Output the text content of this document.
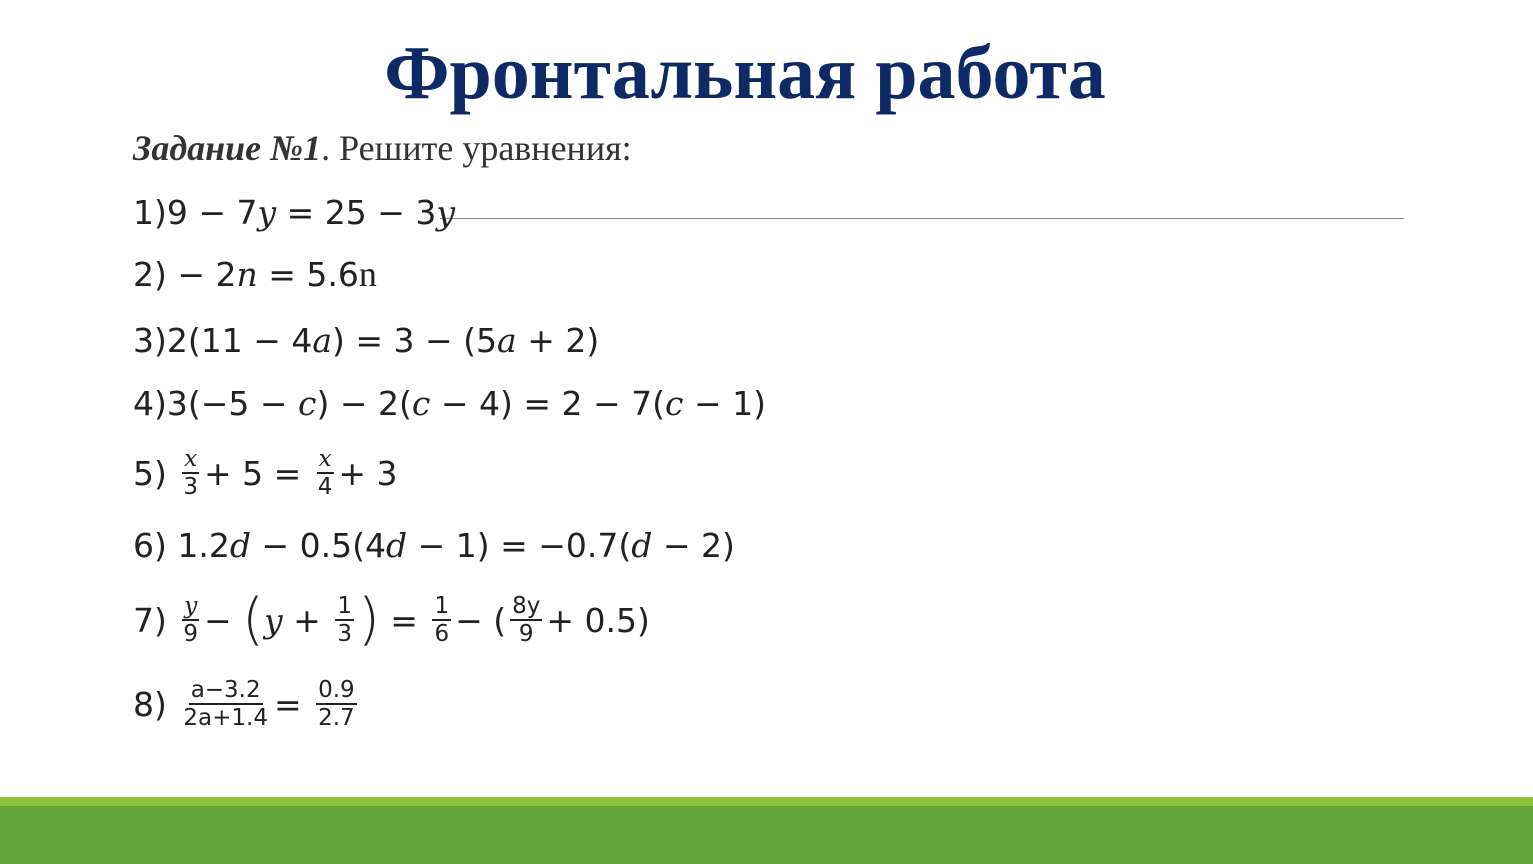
Фронтальная работа
Задание №1. Решите уравнения:
1)9 − 7y = 25 − 3y
2) − 2n = 5.6n
3)2(11 − 4a) = 3 − (5a + 2)
4)3(−5 − c) − 2(c − 4) = 2 − 7(c − 1)
$5) \frac{x}{3} + 5 = \frac{x}{4} + 3$
6) 1.2d − 0.5(4d − 1) = −0.7(d − 2)
$7) \frac{y}{9}$ − ( $y + \frac{1}{3}$ ) = $\frac{1}{6}$ − ( $\frac{8y}{9} + 0.5$)
$8) \frac{a-3.2}{2a+1.4} = \frac{0.9}{2.7}$
